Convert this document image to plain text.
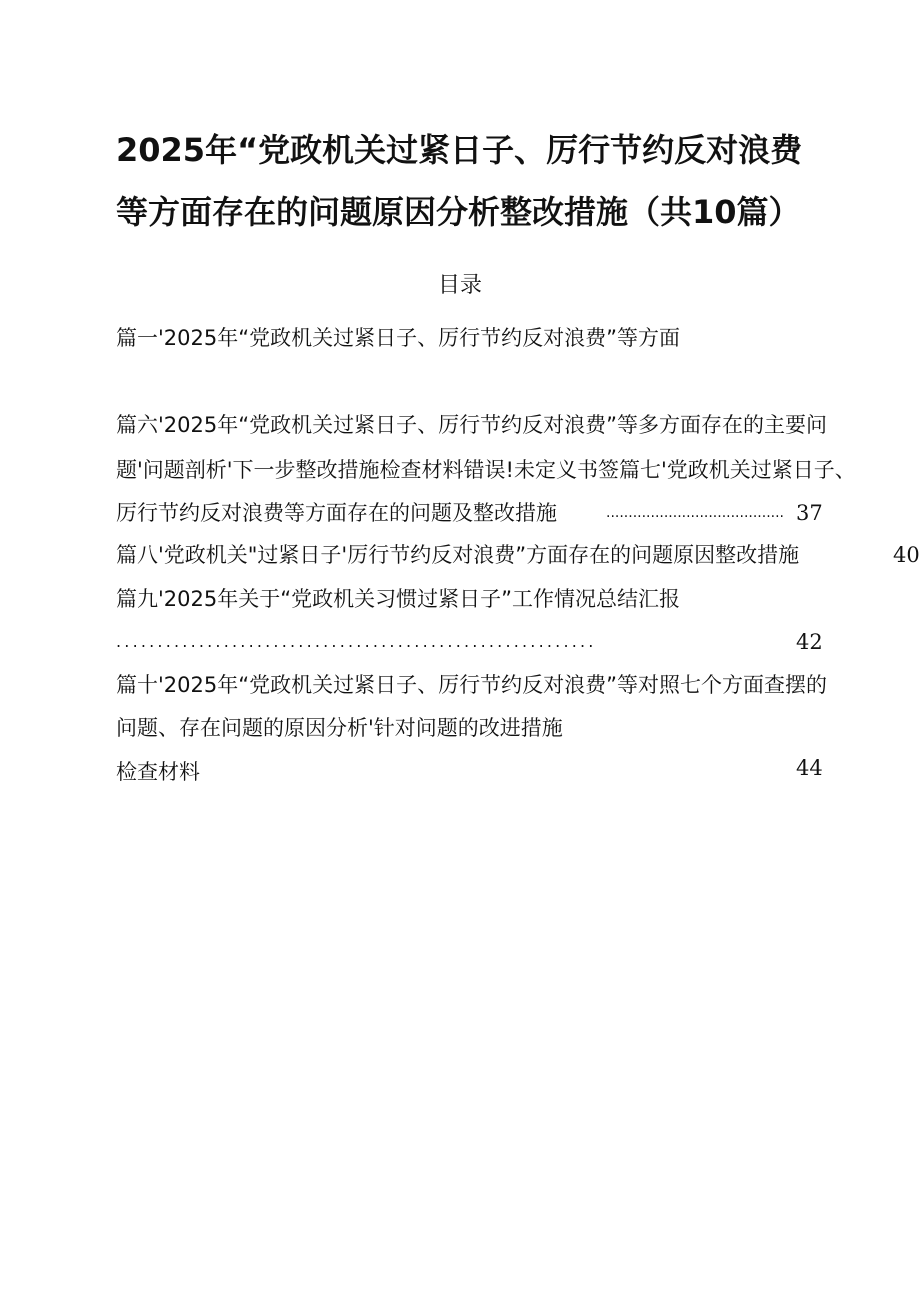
2025年“党政机关过紧日子、厉行节约反对浪费
等方面存在的问题原因分析整改措施（共10篇）
目录
篇一'2025年“党政机关过紧日子、厉行节约反对浪费”等方面
篇六'2025年“党政机关过紧日子、厉行节约反对浪费”等多方面存在的主要问
题'问题剖析'下一步整改措施检查材料错误!未定义书签篇七'党政机关过紧日子、
厉行节约反对浪费等方面存在的问题及整改措施	........................................ 37
篇八'党政机关"过紧日子'厉行节约反对浪费”方面存在的问题原因整改措施	40
篇九'2025年关于“党政机关习惯过紧日子”工作情况总结汇报
..........................................................	42
篇十'2025年“党政机关过紧日子、厉行节约反对浪费”等对照七个方面查摆的
问题、存在问题的原因分析'针对问题的改进措施
检查材料	44
